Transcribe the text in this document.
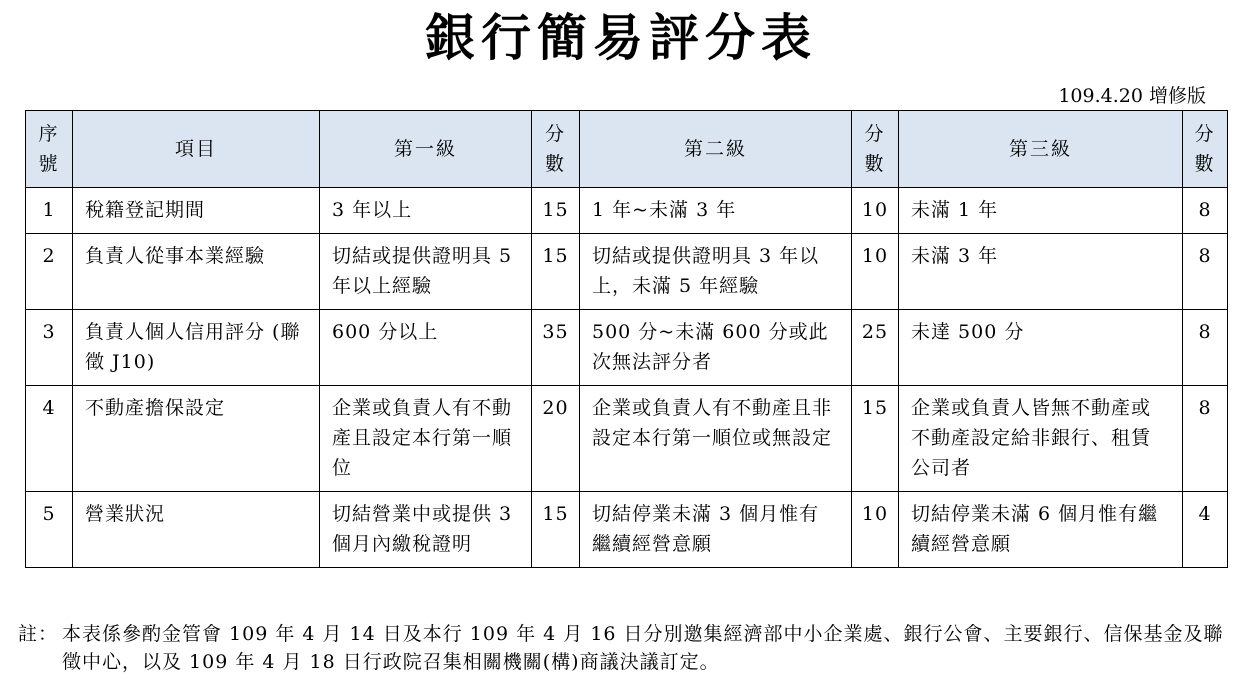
銀行簡易評分表
109.4.20 增修版
序號	項目	第一級	分數	第二級	分數	第三級	分數
1	稅籍登記期間	3 年以上	15	1 年~未滿 3 年	10	未滿 1 年	8
2	負責人從事本業經驗	切結或提供證明具 5 年以上經驗	15	切結或提供證明具 3 年以上，未滿 5 年經驗	10	未滿 3 年	8
3	負責人個人信用評分 (聯徵 J10)	600 分以上	35	500 分~未滿 600 分或此次無法評分者	25	未達 500 分	8
4	不動產擔保設定	企業或負責人有不動產且設定本行第一順位	20	企業或負責人有不動產且非設定本行第一順位或無設定	15	企業或負責人皆無不動產或不動產設定給非銀行、租賃公司者	8
5	營業狀況	切結營業中或提供 3 個月內繳稅證明	15	切結停業未滿 3 個月惟有繼續經營意願	10	切結停業未滿 6 個月惟有繼續經營意願	4
註： 本表係參酌金管會 109 年 4 月 14 日及本行 109 年 4 月 16 日分別邀集經濟部中小企業處、銀行公會、主要銀行、信保基金及聯徵中心，以及 109 年 4 月 18 日行政院召集相關機關(構)商議決議訂定。
